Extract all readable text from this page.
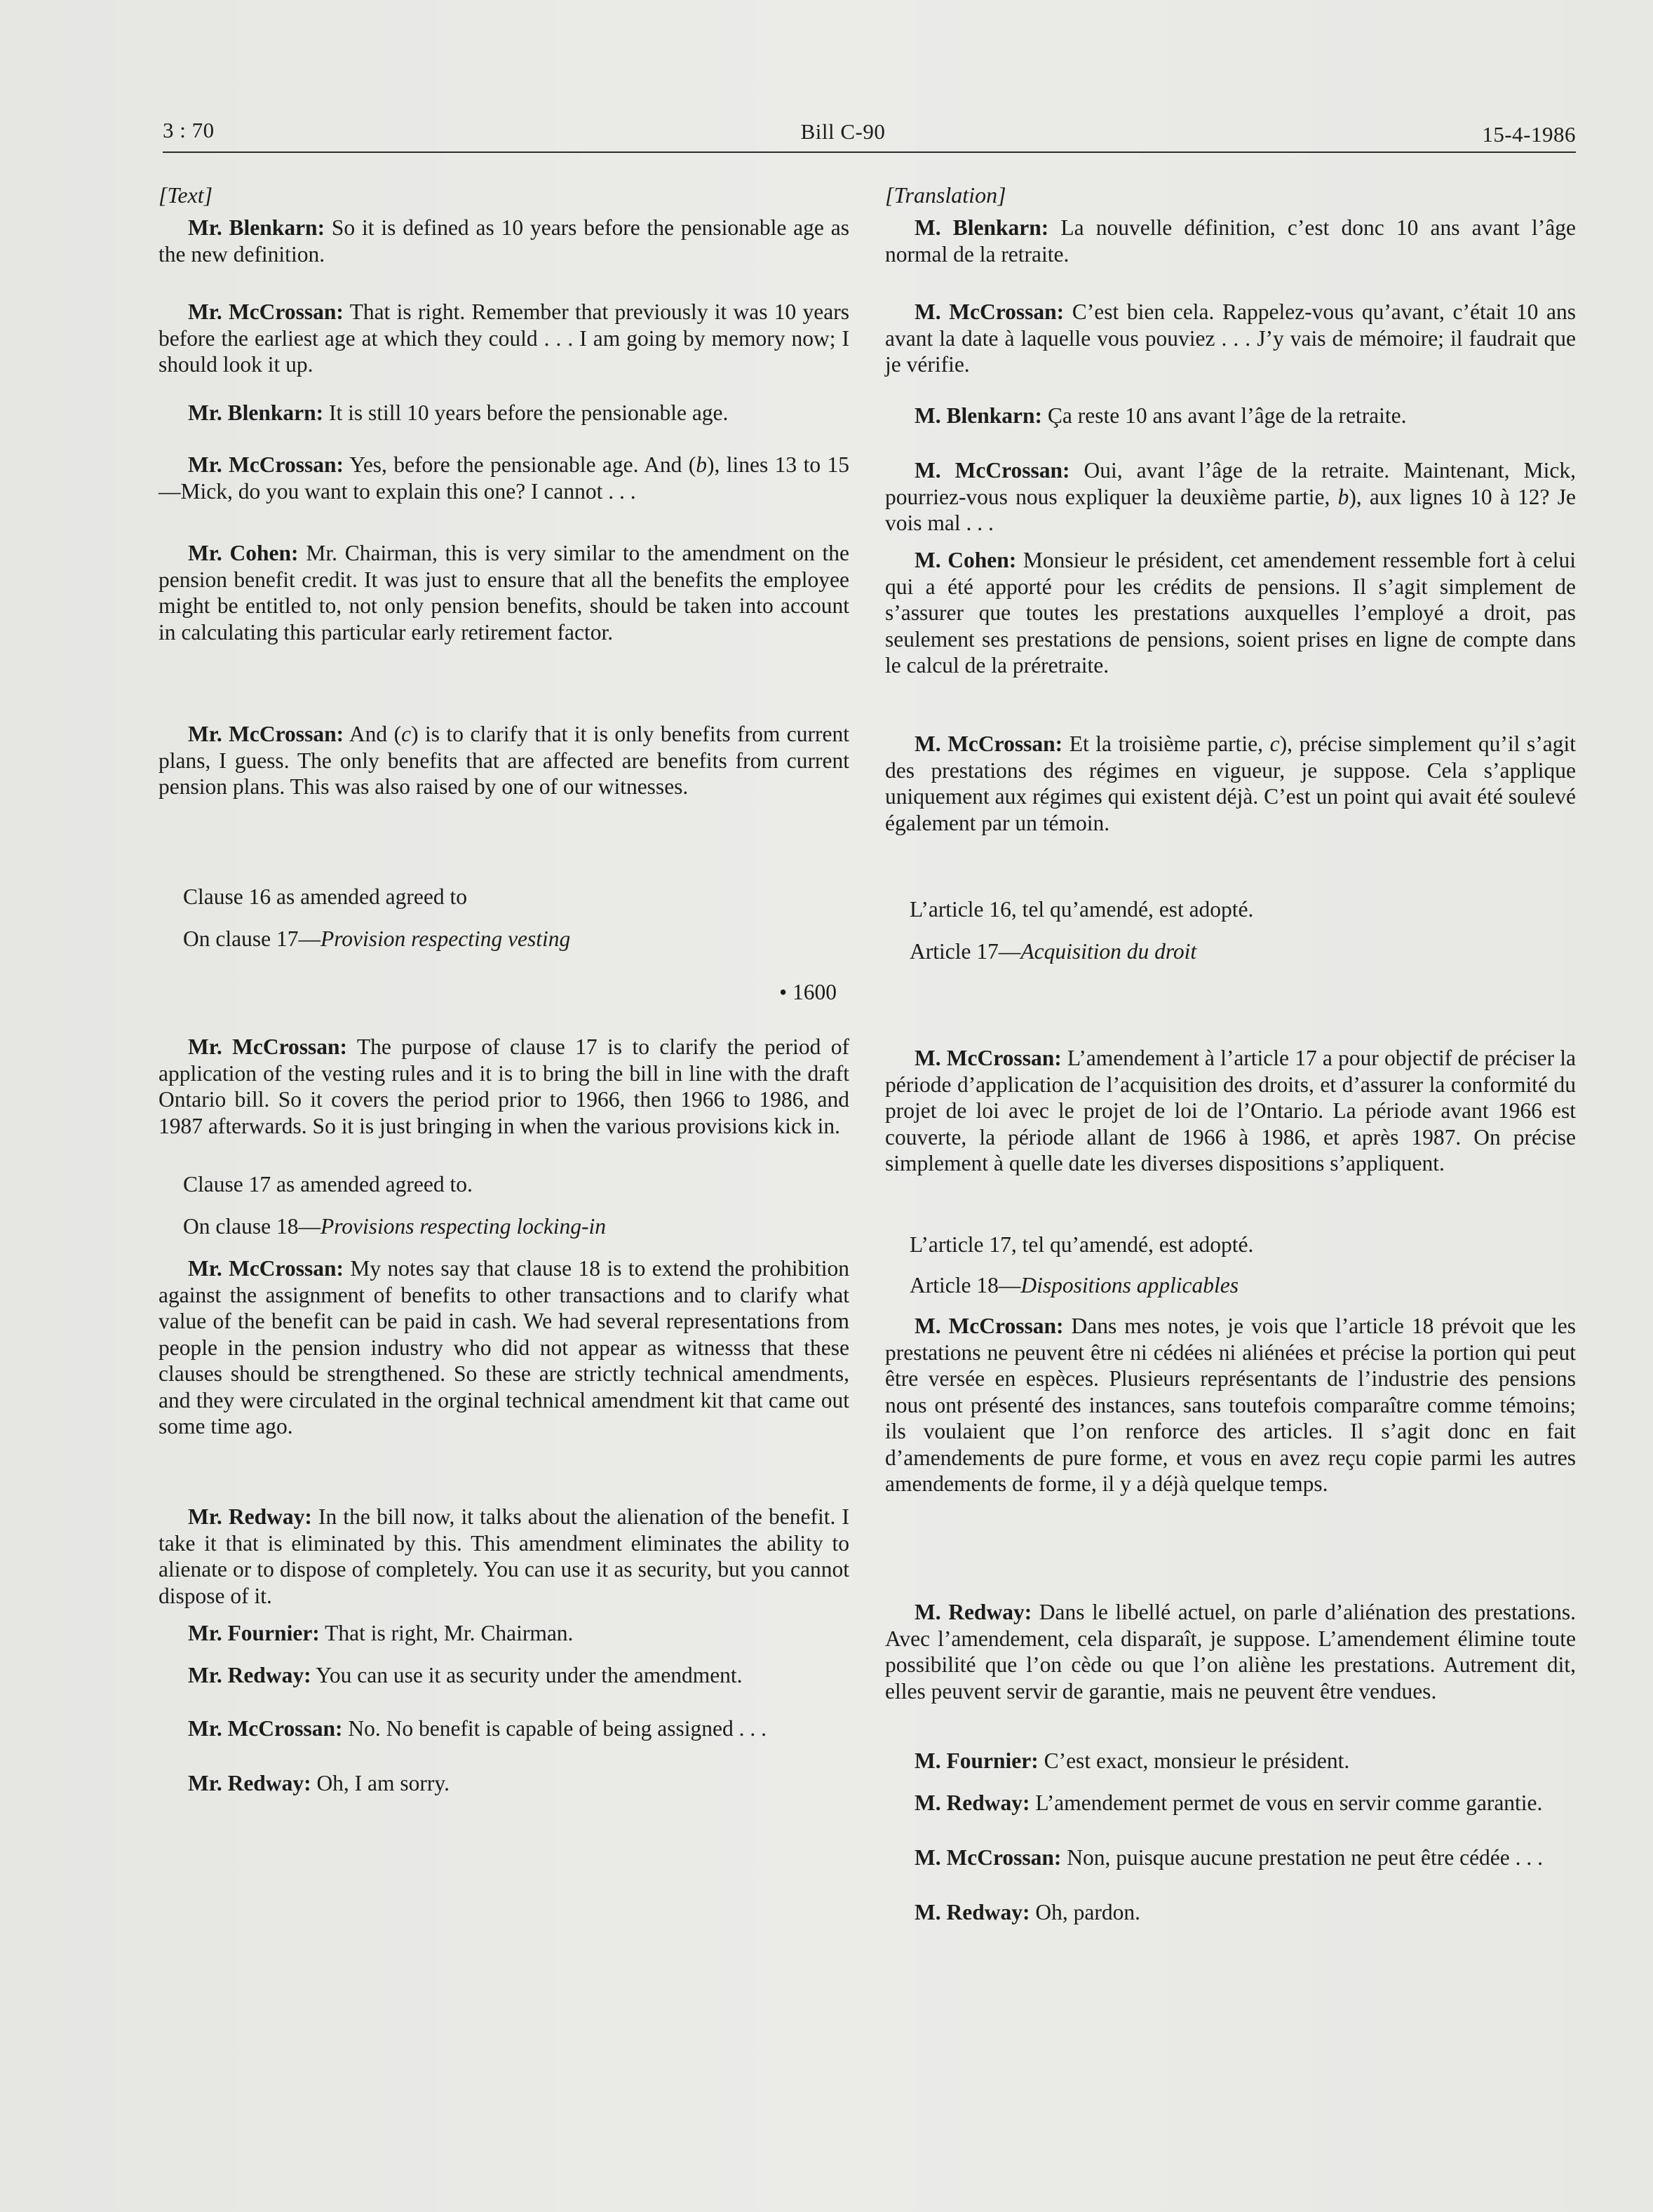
3 : 70	Bill C-90	15-4-1986

[Text]

Mr. Blenkarn: So it is defined as 10 years before the pensionable age as the new definition.

Mr. McCrossan: That is right. Remember that previously it was 10 years before the earliest age at which they could . . . I am going by memory now; I should look it up.

Mr. Blenkarn: It is still 10 years before the pensionable age.

Mr. McCrossan: Yes, before the pensionable age. And (b), lines 13 to 15—Mick, do you want to explain this one? I cannot . . .

Mr. Cohen: Mr. Chairman, this is very similar to the amendment on the pension benefit credit. It was just to ensure that all the benefits the employee might be entitled to, not only pension benefits, should be taken into account in calculating this particular early retirement factor.

Mr. McCrossan: And (c) is to clarify that it is only benefits from current plans, I guess. The only benefits that are affected are benefits from current pension plans. This was also raised by one of our witnesses.

Clause 16 as amended agreed to

On clause 17—Provision respecting vesting

• 1600

Mr. McCrossan: The purpose of clause 17 is to clarify the period of application of the vesting rules and it is to bring the bill in line with the draft Ontario bill. So it covers the period prior to 1966, then 1966 to 1986, and 1987 afterwards. So it is just bringing in when the various provisions kick in.

Clause 17 as amended agreed to.

On clause 18—Provisions respecting locking-in

Mr. McCrossan: My notes say that clause 18 is to extend the prohibition against the assignment of benefits to other transactions and to clarify what value of the benefit can be paid in cash. We had several representations from people in the pension industry who did not appear as witnesss that these clauses should be strengthened. So these are strictly technical amendments, and they were circulated in the orginal technical amendment kit that came out some time ago.

Mr. Redway: In the bill now, it talks about the alienation of the benefit. I take it that is eliminated by this. This amendment eliminates the ability to alienate or to dispose of completely. You can use it as security, but you cannot dispose of it.

Mr. Fournier: That is right, Mr. Chairman.

Mr. Redway: You can use it as security under the amendment.

Mr. McCrossan: No. No benefit is capable of being assigned . . .

Mr. Redway: Oh, I am sorry.

[Translation]

M. Blenkarn: La nouvelle définition, c’est donc 10 ans avant l’âge normal de la retraite.

M. McCrossan: C’est bien cela. Rappelez-vous qu’avant, c’était 10 ans avant la date à laquelle vous pouviez . . . J’y vais de mémoire; il faudrait que je vérifie.

M. Blenkarn: Ça reste 10 ans avant l’âge de la retraite.

M. McCrossan: Oui, avant l’âge de la retraite. Maintenant, Mick, pourriez-vous nous expliquer la deuxième partie, b), aux lignes 10 à 12? Je vois mal . . .

M. Cohen: Monsieur le président, cet amendement ressemble fort à celui qui a été apporté pour les crédits de pensions. Il s’agit simplement de s’assurer que toutes les prestations auxquelles l’employé a droit, pas seulement ses prestations de pensions, soient prises en ligne de compte dans le calcul de la préretraite.

M. McCrossan: Et la troisième partie, c), précise simplement qu’il s’agit des prestations des régimes en vigueur, je suppose. Cela s’applique uniquement aux régimes qui existent déjà. C’est un point qui avait été soulevé également par un témoin.

L’article 16, tel qu’amendé, est adopté.

Article 17—Acquisition du droit

M. McCrossan: L’amendement à l’article 17 a pour objectif de préciser la période d’application de l’acquisition des droits, et d’assurer la conformité du projet de loi avec le projet de loi de l’Ontario. La période avant 1966 est couverte, la période allant de 1966 à 1986, et après 1987. On précise simplement à quelle date les diverses dispositions s’appliquent.

L’article 17, tel qu’amendé, est adopté.

Article 18—Dispositions applicables

M. McCrossan: Dans mes notes, je vois que l’article 18 prévoit que les prestations ne peuvent être ni cédées ni aliénées et précise la portion qui peut être versée en espèces. Plusieurs représentants de l’industrie des pensions nous ont présenté des instances, sans toutefois comparaître comme témoins; ils voulaient que l’on renforce des articles. Il s’agit donc en fait d’amendements de pure forme, et vous en avez reçu copie parmi les autres amendements de forme, il y a déjà quelque temps.

M. Redway: Dans le libellé actuel, on parle d’aliénation des prestations. Avec l’amendement, cela disparaît, je suppose. L’amendement élimine toute possibilité que l’on cède ou que l’on aliène les prestations. Autrement dit, elles peuvent servir de garantie, mais ne peuvent être vendues.

M. Fournier: C’est exact, monsieur le président.

M. Redway: L’amendement permet de vous en servir comme garantie.

M. McCrossan: Non, puisque aucune prestation ne peut être cédée . . .

M. Redway: Oh, pardon.
